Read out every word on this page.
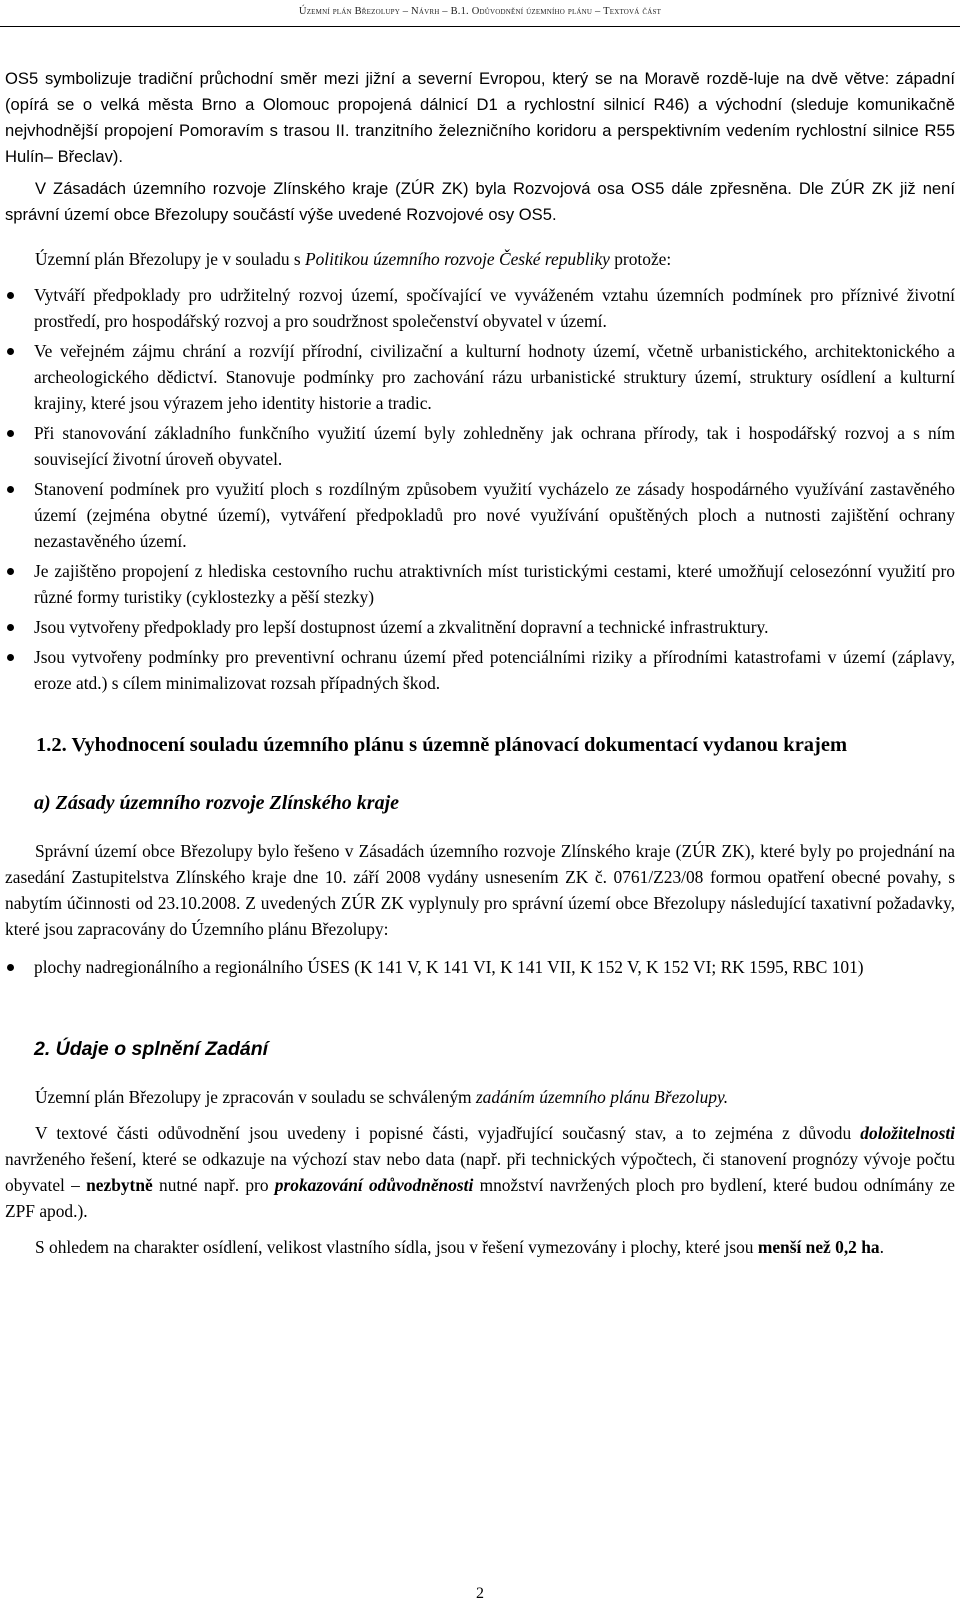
Územní plán Březolupy – Návrh – B.1. Odůvodnění územního plánu – Textová část

OS5 symbolizuje tradiční průchodní směr mezi jižní a severní Evropou, který se na Moravě rozdě-luje na dvě větve: západní (opírá se o velká města Brno a Olomouc propojená dálnicí D1 a rychlostní silnicí R46) a východní (sleduje komunikačně nejvhodnější propojení Pomoravím s trasou II. tranzitního železničního koridoru a perspektivním vedením rychlostní silnice R55 Hulín– Břeclav).

V Zásadách územního rozvoje Zlínského kraje (ZÚR ZK) byla Rozvojová osa OS5 dále zpřesněna. Dle ZÚR ZK již není správní území obce Březolupy součástí výše uvedené Rozvojové osy OS5.

Územní plán Březolupy je v souladu s Politikou územního rozvoje České republiky protože:

Vytváří předpoklady pro udržitelný rozvoj území, spočívající ve vyváženém vztahu územních podmínek pro příznivé životní prostředí, pro hospodářský rozvoj a pro soudržnost společenství obyvatel v území.
Ve veřejném zájmu chrání a rozvíjí přírodní, civilizační a kulturní hodnoty území, včetně urbanistického, architektonického a archeologického dědictví. Stanovuje podmínky pro zachování rázu urbanistické struktury území, struktury osídlení a kulturní krajiny, které jsou výrazem jeho identity historie a tradic.
Při stanovování základního funkčního využití území byly zohledněny jak ochrana přírody, tak i hospodářský rozvoj a s ním související životní úroveň obyvatel.
Stanovení podmínek pro využití ploch s rozdílným způsobem využití vycházelo ze zásady hospodárného využívání zastavěného území (zejména obytné území), vytváření předpokladů pro nové využívání opuštěných ploch a nutnosti zajištění ochrany nezastavěného území.
Je zajištěno propojení z hlediska cestovního ruchu atraktivních míst turistickými cestami, které umožňují celosezónní využití pro různé formy turistiky (cyklostezky a pěší stezky)
Jsou vytvořeny předpoklady pro lepší dostupnost území a zkvalitnění dopravní a technické infrastruktury.
Jsou vytvořeny podmínky pro preventivní ochranu území před potenciálními riziky a přírodními katastrofami v území (záplavy, eroze atd.) s cílem minimalizovat rozsah případných škod.
1.2. Vyhodnocení souladu územního plánu s územně plánovací dokumentací vydanou krajem
a) Zásady územního rozvoje Zlínského kraje

Správní území obce Březolupy bylo řešeno v Zásadách územního rozvoje Zlínského kraje (ZÚR ZK), které byly po projednání na zasedání Zastupitelstva Zlínského kraje dne 10. září 2008 vydány usnesením ZK č. 0761/Z23/08 formou opatření obecné povahy, s nabytím účinnosti od 23.10.2008. Z uvedených ZÚR ZK vyplynuly pro správní území obce Březolupy následující taxativní požadavky, které jsou zapracovány do Územního plánu Březolupy:

plochy nadregionálního a regionálního ÚSES (K 141 V, K 141 VI, K 141 VII, K 152 V, K 152 VI; RK 1595, RBC 101)
2. Údaje o splnění Zadání

Územní plán Březolupy je zpracován v souladu se schváleným zadáním územního plánu Březolupy.

V textové části odůvodnění jsou uvedeny i popisné části, vyjadřující současný stav, a to zejména z důvodu doložitelnosti navrženého řešení, které se odkazuje na výchozí stav nebo data (např. při technických výpočtech, či stanovení prognózy vývoje počtu obyvatel – nezbytně nutné např. pro prokazování odůvodněnosti množství navržených ploch pro bydlení, které budou odnímány ze ZPF apod.).

S ohledem na charakter osídlení, velikost vlastního sídla, jsou v řešení vymezovány i plochy, které jsou menší než 0,2 ha.

2
